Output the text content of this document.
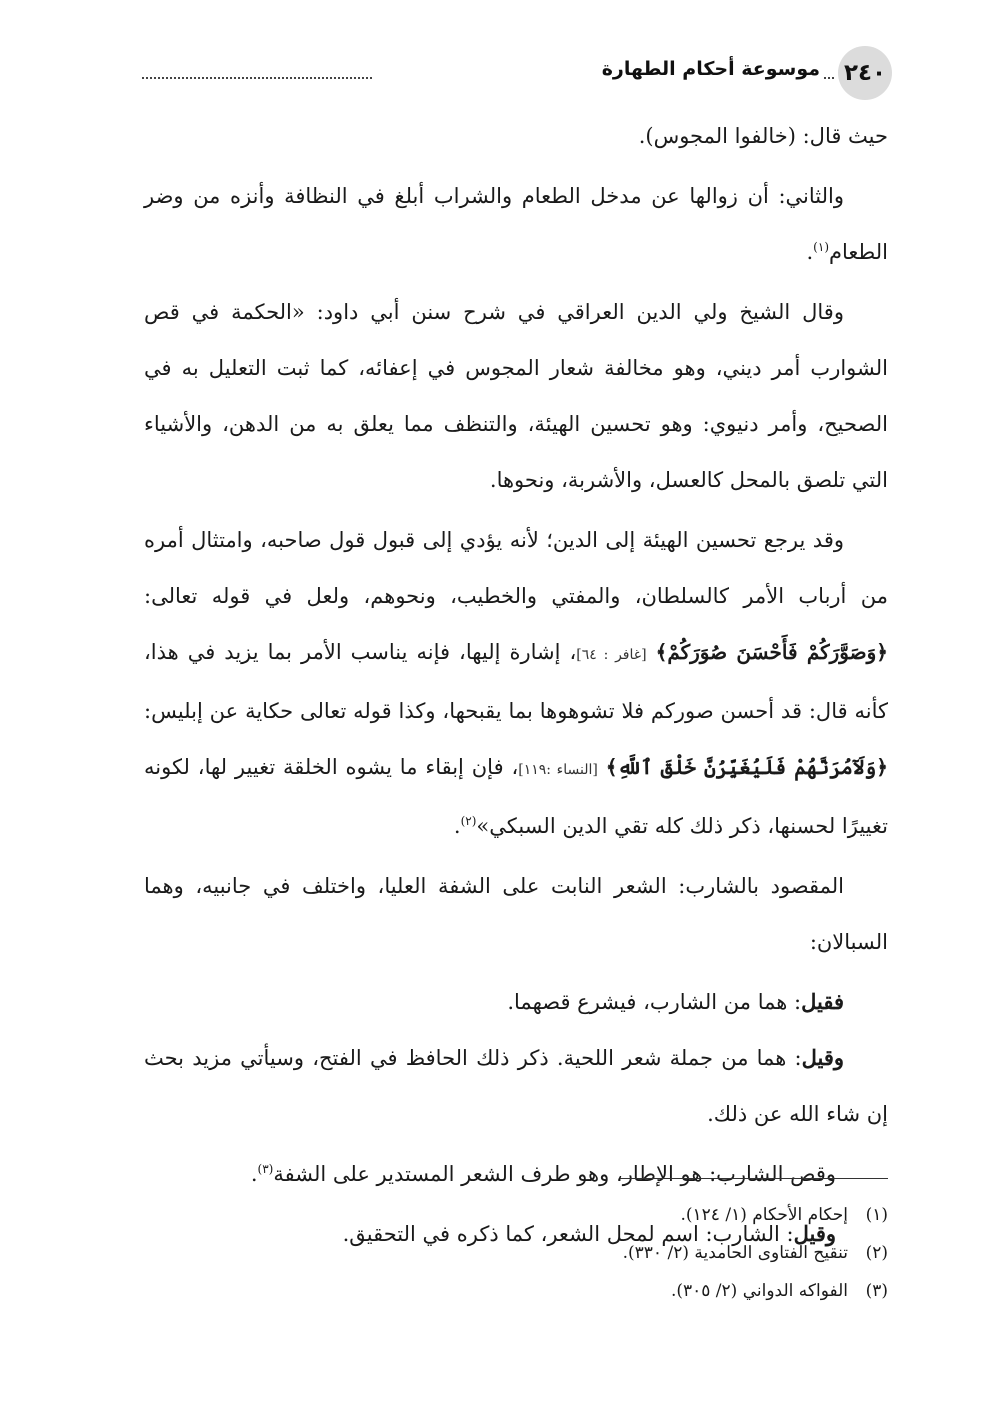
موسوعة أحكام الطهارة ٢٤٠

حيث قال: (خالفوا المجوس).

والثاني: أن زوالها عن مدخل الطعام والشراب أبلغ في النظافة وأنزه من وضر الطعام$^{(١)}$.

وقال الشيخ ولي الدين العراقي في شرح سنن أبي داود: «الحكمة في قص الشوارب أمر ديني، وهو مخالفة شعار المجوس في إعفائه، كما ثبت التعليل به في الصحيح، وأمر دنيوي: وهو تحسين الهيئة، والتنظف مما يعلق به من الدهن، والأشياء التي تلصق بالمحل كالعسل، والأشربة، ونحوها.

وقد يرجع تحسين الهيئة إلى الدين؛ لأنه يؤدي إلى قبول قول صاحبه، وامتثال أمره من أرباب الأمر كالسلطان، والمفتي والخطيب، ونحوهم، ولعل في قوله تعالى: ﴿وَصَوَّرَكُمْ فَأَحْسَنَ صُوَرَكُمْ﴾ [غافر : ٦٤]، إشارة إليها، فإنه يناسب الأمر بما يزيد في هذا، كأنه قال: قد أحسن صوركم فلا تشوهوها بما يقبحها، وكذا قوله تعالى حكاية عن إبليس: ﴿وَلَآمُرَنَّهُمْ فَلَيُغَيِّرُنَّ خَلْقَ ٱللَّهِ﴾ [النساء :١١٩]، فإن إبقاء ما يشوه الخلقة تغيير لها، لكونه تغييرًا لحسنها، ذكر ذلك كله تقي الدين السبكي»$^{(٢)}$.

المقصود بالشارب: الشعر النابت على الشفة العليا، واختلف في جانبيه، وهما السبالان:

فقيل: هما من الشارب، فيشرع قصهما.

وقيل: هما من جملة شعر اللحية. ذكر ذلك الحافظ في الفتح، وسيأتي مزيد بحث إن شاء الله عن ذلك.

وقص الشارب: هو الإطار، وهو طرف الشعر المستدير على الشفة$^{(٣)}$.

وقيل: الشارب: اسم لمحل الشعر، كما ذكره في التحقيق.

(١)إحكام الأحكام (١/ ١٢٤).
(٢)تنقيح الفتاوى الحامدية (٢/ ٣٣٠).
(٣)الفواكه الدواني (٢/ ٣٠٥).
